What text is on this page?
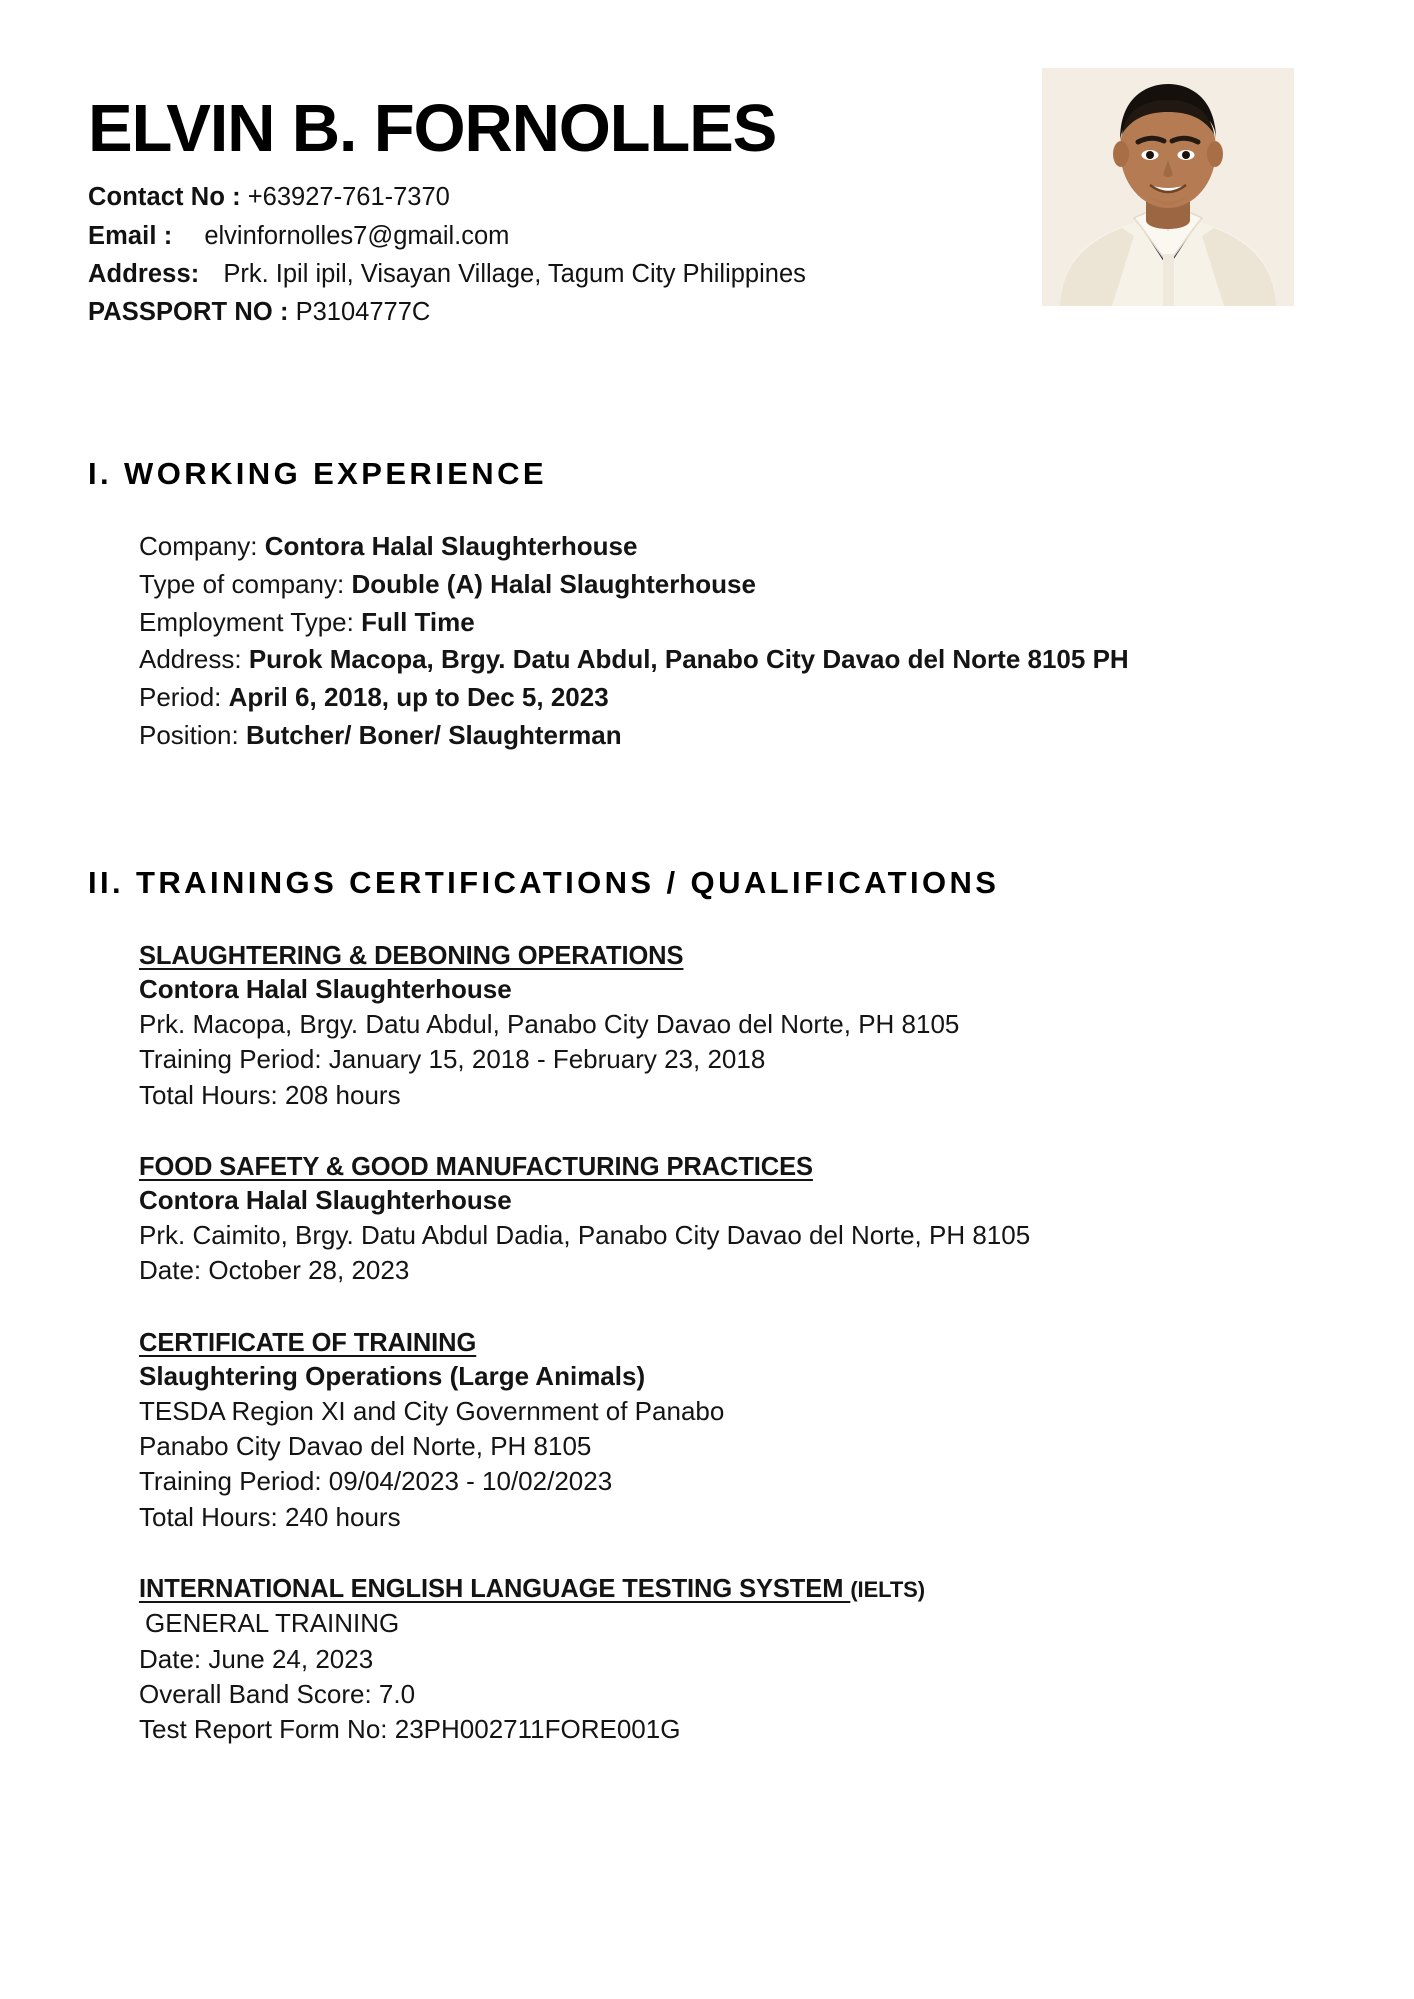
ELVIN B. FORNOLLES
Contact No : +63927-761-7370
Email : elvinfornolles7@gmail.com
Address: Prk. Ipil ipil, Visayan Village, Tagum City Philippines
PASSPORT NO : P3104777C
I. WORKING EXPERIENCE
Company: Contora Halal Slaughterhouse
Type of company: Double (A) Halal Slaughterhouse
Employment Type: Full Time
Address: Purok Macopa, Brgy. Datu Abdul, Panabo City Davao del Norte 8105 PH
Period: April 6, 2018, up to Dec 5, 2023
Position: Butcher/ Boner/ Slaughterman
II. TRAININGS CERTIFICATIONS / QUALIFICATIONS
SLAUGHTERING & DEBONING OPERATIONS
Contora Halal Slaughterhouse
Prk. Macopa, Brgy. Datu Abdul, Panabo City Davao del Norte, PH 8105
Training Period: January 15, 2018 - February 23, 2018
Total Hours: 208 hours
FOOD SAFETY & GOOD MANUFACTURING PRACTICES
Contora Halal Slaughterhouse
Prk. Caimito, Brgy. Datu Abdul Dadia, Panabo City Davao del Norte, PH 8105
Date: October 28, 2023
CERTIFICATE OF TRAINING
Slaughtering Operations (Large Animals)
TESDA Region XI and City Government of Panabo
Panabo City Davao del Norte, PH 8105
Training Period: 09/04/2023 - 10/02/2023
Total Hours: 240 hours
INTERNATIONAL ENGLISH LANGUAGE TESTING SYSTEM (IELTS)
GENERAL TRAINING
Date: June 24, 2023
Overall Band Score: 7.0
Test Report Form No: 23PH002711FORE001G
